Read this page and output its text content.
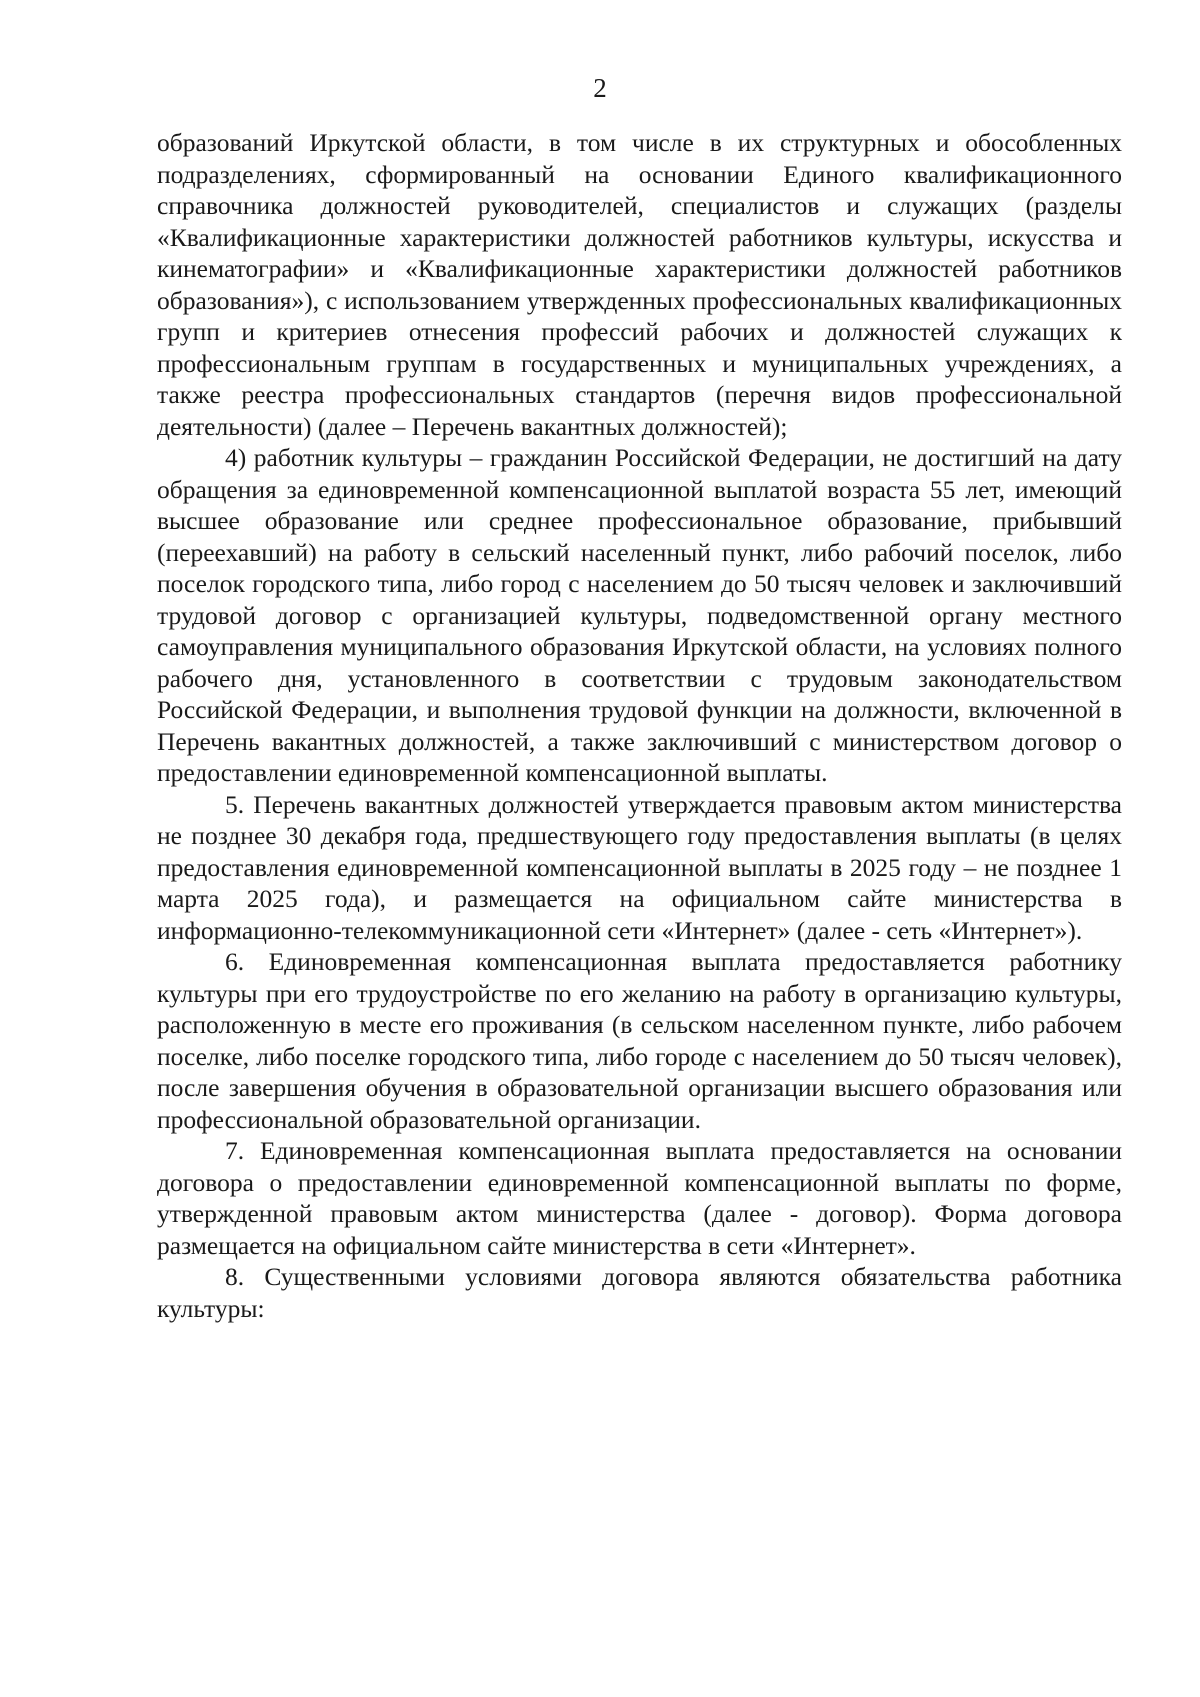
2

образований Иркутской области, в том числе в их структурных и обособленных подразделениях, сформированный на основании Единого квалификационного справочника должностей руководителей, специалистов и служащих (разделы «Квалификационные характеристики должностей работников культуры, искусства и кинематографии» и «Квалификационные характеристики должностей работников образования»), с использованием утвержденных профессиональных квалификационных групп и критериев отнесения профессий рабочих и должностей служащих к профессиональным группам в государственных и муниципальных учреждениях, а также реестра профессиональных стандартов (перечня видов профессиональной деятельности) (далее – Перечень вакантных должностей);

4) работник культуры – гражданин Российской Федерации, не достигший на дату обращения за единовременной компенсационной выплатой возраста 55 лет, имеющий высшее образование или среднее профессиональное образование, прибывший (переехавший) на работу в сельский населенный пункт, либо рабочий поселок, либо поселок городского типа, либо город с населением до 50 тысяч человек и заключивший трудовой договор с организацией культуры, подведомственной органу местного самоуправления муниципального образования Иркутской области, на условиях полного рабочего дня, установленного в соответствии с трудовым законодательством Российской Федерации, и выполнения трудовой функции на должности, включенной в Перечень вакантных должностей, а также заключивший с министерством договор о предоставлении единовременной компенсационной выплаты.

5. Перечень вакантных должностей утверждается правовым актом министерства не позднее 30 декабря года, предшествующего году предоставления выплаты (в целях предоставления единовременной компенсационной выплаты в 2025 году – не позднее 1 марта 2025 года), и размещается на официальном сайте министерства в информационно-телекоммуникационной сети «Интернет» (далее - сеть «Интернет»).

6. Единовременная компенсационная выплата предоставляется работнику культуры при его трудоустройстве по его желанию на работу в организацию культуры, расположенную в месте его проживания (в сельском населенном пункте, либо рабочем поселке, либо поселке городского типа, либо городе с населением до 50 тысяч человек), после завершения обучения в образовательной организации высшего образования или профессиональной образовательной организации.

7. Единовременная компенсационная выплата предоставляется на основании договора о предоставлении единовременной компенсационной выплаты по форме, утвержденной правовым актом министерства (далее - договор). Форма договора размещается на официальном сайте министерства в сети «Интернет».

8. Существенными условиями договора являются обязательства работника культуры:
